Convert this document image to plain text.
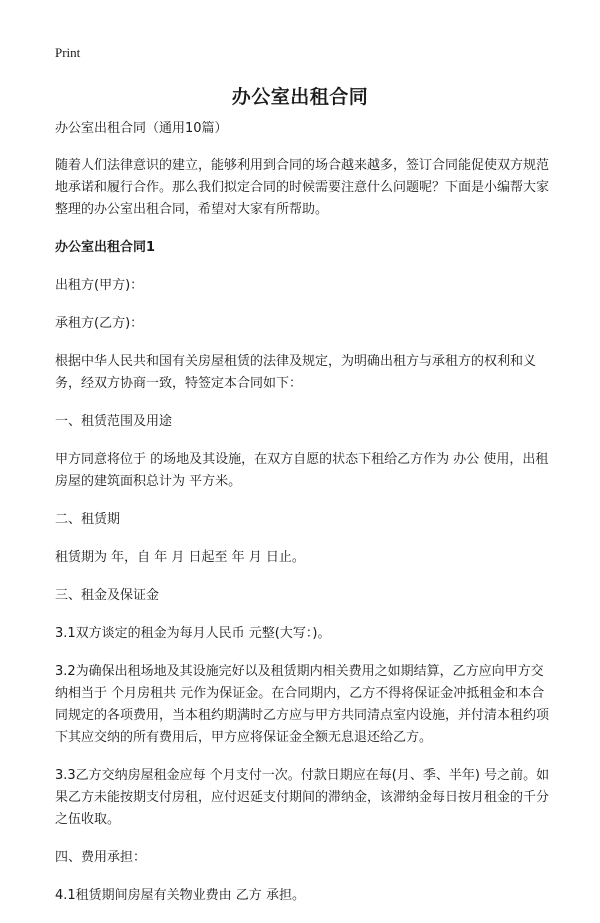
Print
办公室出租合同

办公室出租合同（通用10篇）

随着人们法律意识的建立，能够利用到合同的场合越来越多，签订合同能促使双方规范地承诺和履行合作。那么我们拟定合同的时候需要注意什么问题呢？下面是小编帮大家整理的办公室出租合同，希望对大家有所帮助。

办公室出租合同1

出租方(甲方)：

承租方(乙方)：

根据中华人民共和国有关房屋租赁的法律及规定，为明确出租方与承租方的权利和义务，经双方协商一致，特签定本合同如下：

一、租赁范围及用途

甲方同意将位于 的场地及其设施，在双方自愿的状态下租给乙方作为 办公 使用，出租房屋的建筑面积总计为 平方米。

二、租赁期

租赁期为 年，自 年 月 日起至 年 月 日止。

三、租金及保证金

3.1双方谈定的租金为每月人民币 元整(大写：)。

3.2为确保出租场地及其设施完好以及租赁期内相关费用之如期结算，乙方应向甲方交纳相当于 个月房租共 元作为保证金。在合同期内，乙方不得将保证金冲抵租金和本合同规定的各项费用，当本租约期满时乙方应与甲方共同清点室内设施，并付清本租约项下其应交纳的所有费用后，甲方应将保证金全额无息退还给乙方。

3.3乙方交纳房屋租金应每 个月支付一次。付款日期应在每(月、季、半年) 号之前。如果乙方未能按期支付房租，应付迟延支付期间的滞纳金，该滞纳金每日按月租金的千分之伍收取。

四、费用承担：

4.1租赁期间房屋有关物业费由 乙方 承担。
